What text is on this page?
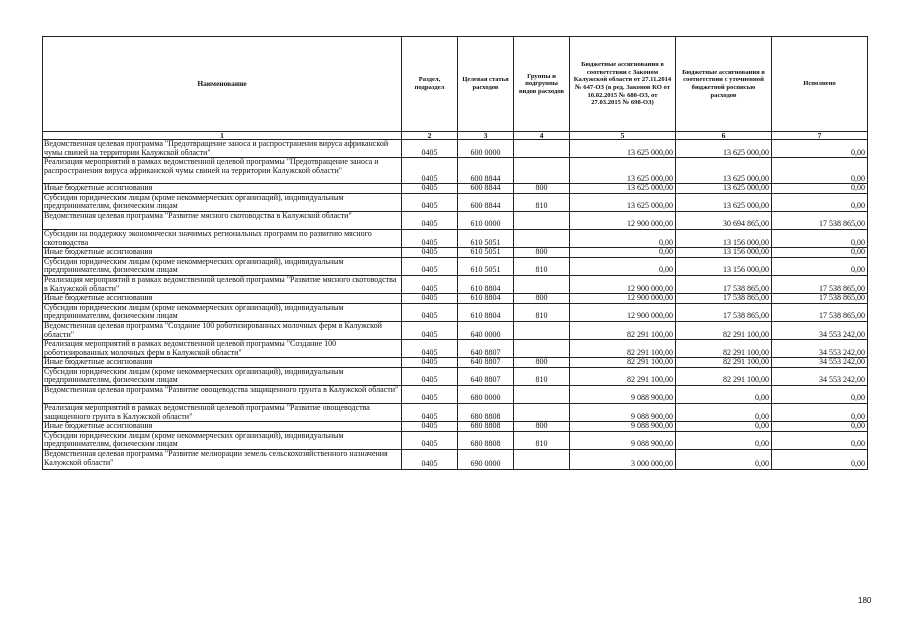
Наименование	Раздел, подраздел	Целевая статья расходов	Группы и подгруппы видов расходов	Бюджетные ассигнования в соответствии с Законом Калужской области от 27.11.2014 № 647-ОЗ (в ред. Законов КО от 10.02.2015 № 680-ОЗ, от 27.03.2015 № 698-ОЗ)	Бюджетные ассигнования в соответствии с уточненной бюджетной росписью расходов	Исполнено
1	2	3	4	5	6	7
Ведомственная целевая программа "Предотвращение заноса и распространения вируса африканской чумы свиней на территории Калужской области"	0405	600 0000		13 625 000,00	13 625 000,00	0,00
Реализация мероприятий в рамках ведомственной целевой программы "Предотвращение заноса и распространения вируса африканской чумы свиней на территории Калужской области"	0405	600 8844		13 625 000,00	13 625 000,00	0,00
Иные бюджетные ассигнования	0405	600 8844	800	13 625 000,00	13 625 000,00	0,00
Субсидии юридическим лицам (кроме некоммерческих организаций), индивидуальным предпринимателям, физическим лицам	0405	600 8844	810	13 625 000,00	13 625 000,00	0,00
Ведомственная целевая программа "Развитие мясного скотоводства в Калужской области"	0405	610 0000		12 900 000,00	30 694 865,00	17 538 865,00
Субсидии на поддержку экономически значимых региональных программ по развитию мясного скотоводства	0405	610 5051		0,00	13 156 000,00	0,00
Иные бюджетные ассигнования	0405	610 5051	800	0,00	13 156 000,00	0,00
Субсидии юридическим лицам (кроме некоммерческих организаций), индивидуальным предпринимателям, физическим лицам	0405	610 5051	810	0,00	13 156 000,00	0,00
Реализация мероприятий в рамках ведомственной целевой программы "Развитие мясного скотоводства в Калужской области"	0405	610 8804		12 900 000,00	17 538 865,00	17 538 865,00
Иные бюджетные ассигнования	0405	610 8804	800	12 900 000,00	17 538 865,00	17 538 865,00
Субсидии юридическим лицам (кроме некоммерческих организаций), индивидуальным предпринимателям, физическим лицам	0405	610 8804	810	12 900 000,00	17 538 865,00	17 538 865,00
Ведомственная целевая программа "Создание 100 роботизированных молочных ферм в Калужской области"	0405	640 0000		82 291 100,00	82 291 100,00	34 553 242,00
Реализация мероприятий в рамках ведомственной целевой программы "Создание 100 роботизированных молочных ферм в Калужской области"	0405	640 8807		82 291 100,00	82 291 100,00	34 553 242,00
Иные бюджетные ассигнования	0405	640 8807	800	82 291 100,00	82 291 100,00	34 553 242,00
Субсидии юридическим лицам (кроме некоммерческих организаций), индивидуальным предпринимателям, физическим лицам	0405	640 8807	810	82 291 100,00	82 291 100,00	34 553 242,00
Ведомственная целевая программа "Развитие овощеводства защищенного грунта в Калужской области"	0405	680 0000		9 088 900,00	0,00	0,00
Реализация мероприятий в рамках ведомственной целевой программы "Развитие овощеводства защищенного грунта в Калужской области"	0405	680 8808		9 088 900,00	0,00	0,00
Иные бюджетные ассигнования	0405	680 8808	800	9 088 900,00	0,00	0,00
Субсидии юридическим лицам (кроме некоммерческих организаций), индивидуальным предпринимателям, физическим лицам	0405	680 8808	810	9 088 900,00	0,00	0,00
Ведомственная целевая программа "Развитие мелиорации земель сельскохозяйственного назначения Калужской области"	0405	690 0000		3 000 000,00	0,00	0,00
180
